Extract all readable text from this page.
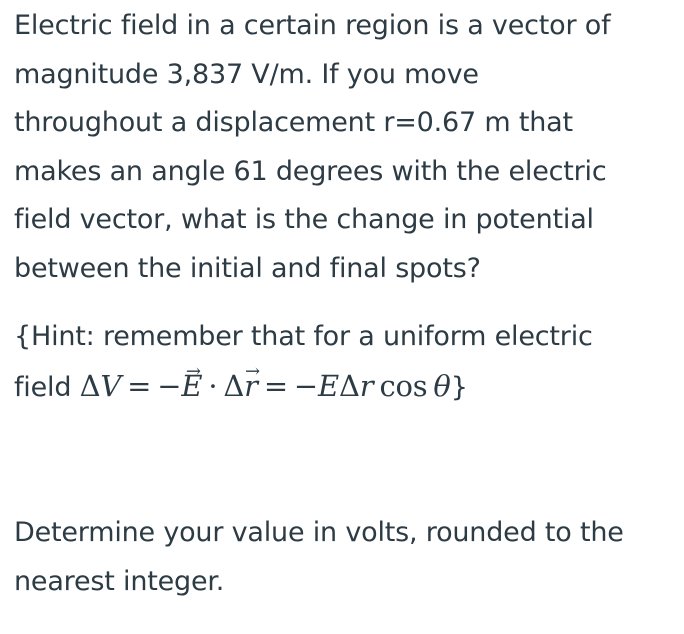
Electric field in a certain region is a vector of

magnitude 3,837 V/m. If you move

throughout a displacement r=0.67 m that

makes an angle 61 degrees with the electric

field vector, what is the change in potential

between the initial and final spots?

{Hint: remember that for a uniform electric

field ΔV = −→ E · Δ→ r = −EΔr cos θ}

Determine your value in volts, rounded to the

nearest integer.
